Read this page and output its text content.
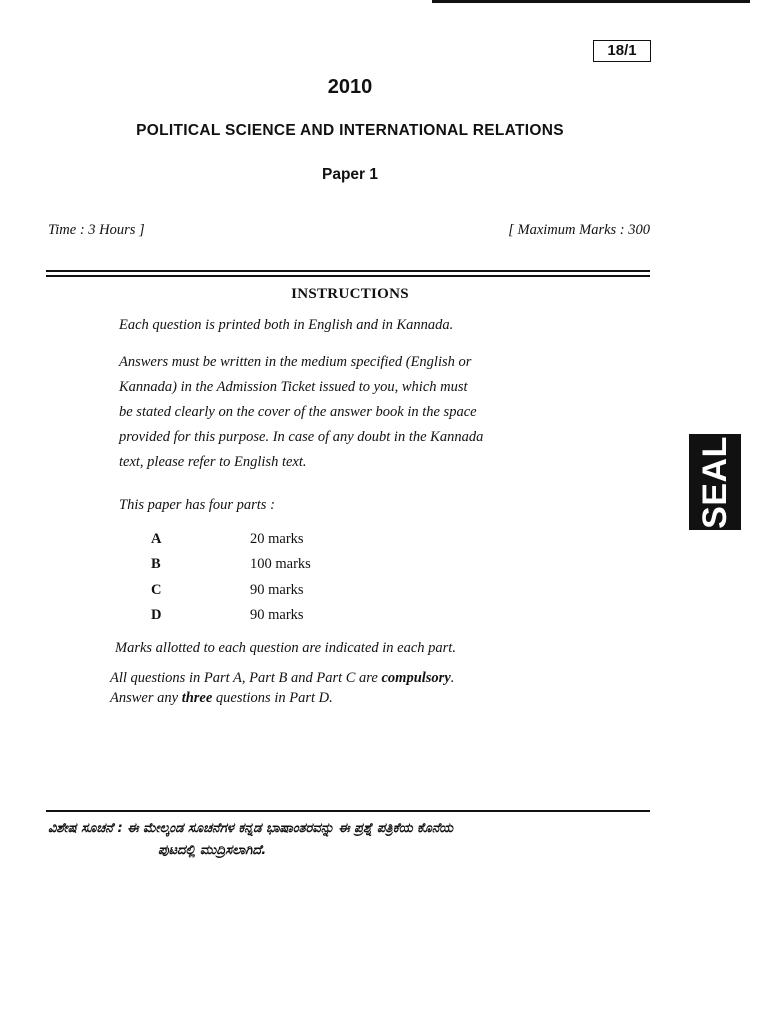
18/1
2010
POLITICAL SCIENCE AND INTERNATIONAL RELATIONS
Paper 1
Time : 3 Hours ]	[ Maximum Marks : 300
INSTRUCTIONS
Each question is printed both in English and in Kannada.
Answers must be written in the medium specified (English or
Kannada) in the Admission Ticket issued to you, which must
be stated clearly on the cover of the answer book in the space
provided for this purpose. In case of any doubt in the Kannada
text, please refer to English text.
This paper has four parts :
A	20 marks
B	100 marks
C	90 marks
D	90 marks
Marks allotted to each question are indicated in each part.
All questions in Part A, Part B and Part C are compulsory.
Answer any three questions in Part D.
SEAL
ವಿಶೇಷ ಸೂಚನೆ : ಈ ಮೇಲ್ಕಂಡ ಸೂಚನೆಗಳ ಕನ್ನಡ ಭಾಷಾಂತರವನ್ನು ಈ ಪ್ರಶ್ನೆ ಪತ್ರಿಕೆಯ ಕೊನೆಯ
ಪುಟದಲ್ಲಿ ಮುದ್ರಿಸಲಾಗಿದೆ.
